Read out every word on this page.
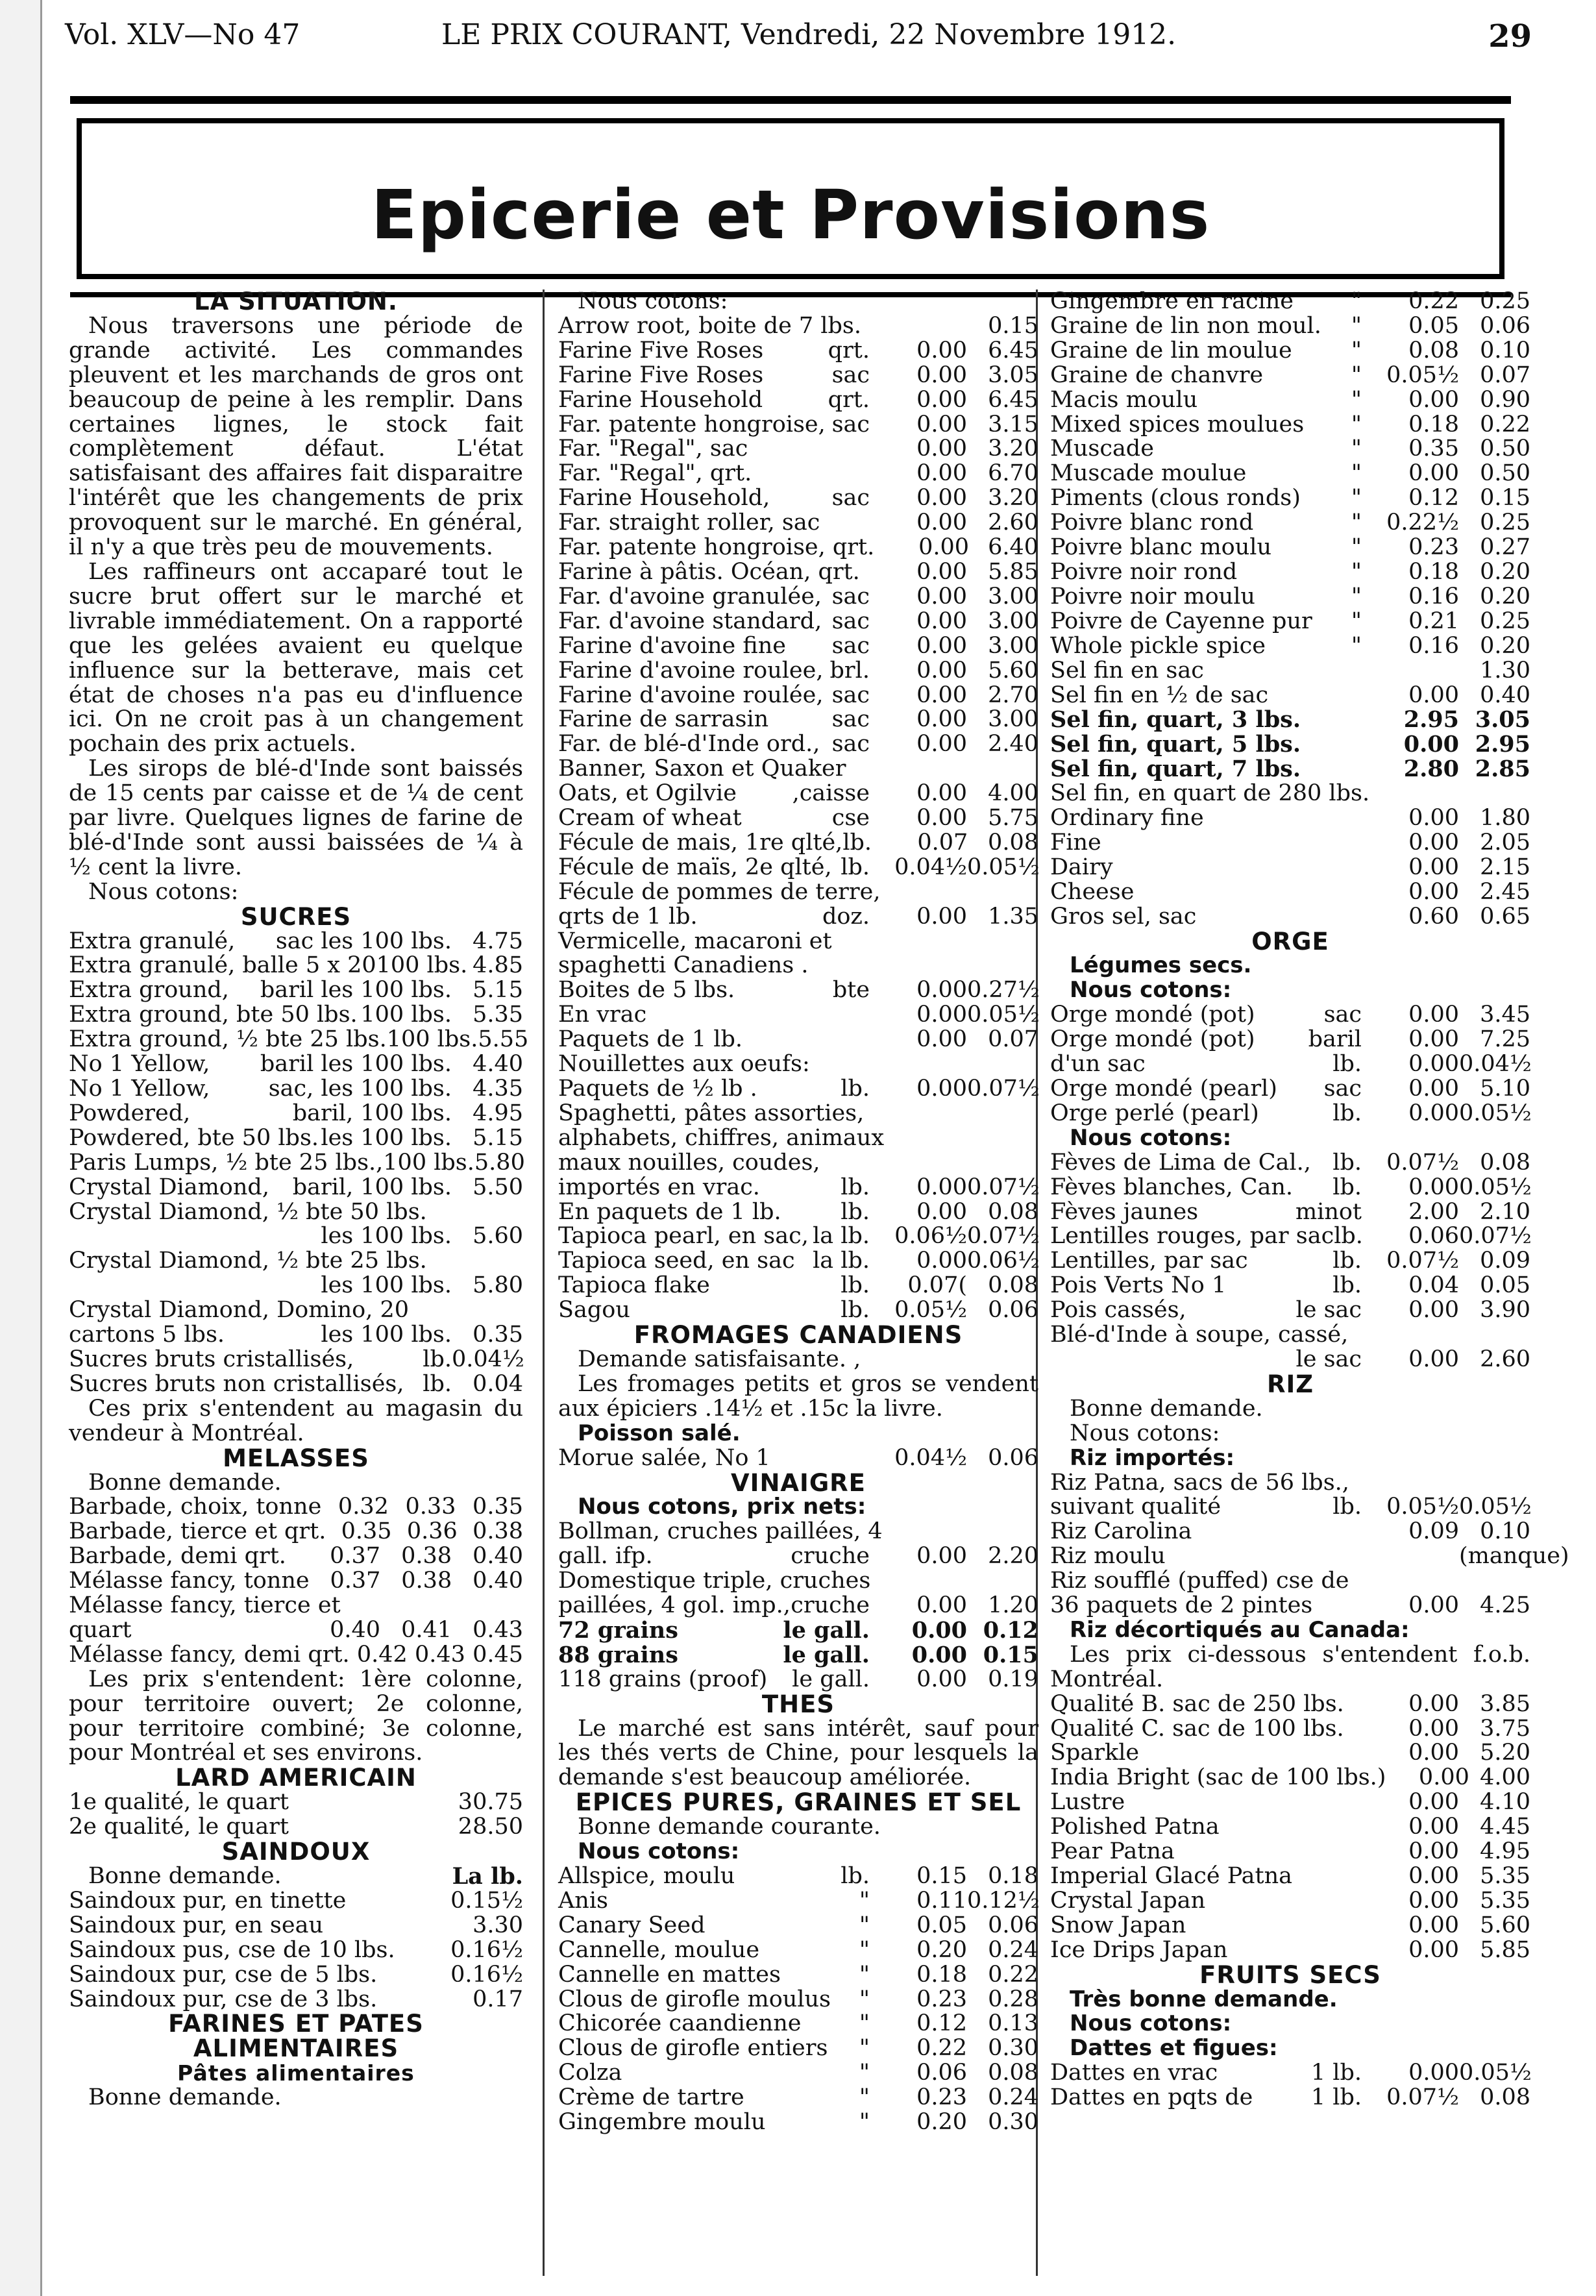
Vol. XLV—No 47	LE PRIX COURANT, Vendredi, 22 Novembre 1912.	29
Epicerie et Provisions
LA SITUATION.
Nous traversons une période de grande activité. Les commandes pleuvent et les marchands de gros ont beaucoup de peine à les remplir. Dans certaines lignes, le stock fait complètement défaut. L'état satisfaisant des affaires fait disparaitre l'intérêt que les changements de prix provoquent sur le marché. En général, il n'y a que très peu de mouvements.
Les raffineurs ont accaparé tout le sucre brut offert sur le marché et livrable immédiatement. On a rapporté que les gelées avaient eu quelque influence sur la betterave, mais cet état de choses n'a pas eu d'influence ici. On ne croit pas à un changement pochain des prix actuels.
Les sirops de blé-d'Inde sont baissés de 15 cents par caisse et de ¼ de cent par livre. Quelques lignes de farine de blé-d'Inde sont aussi baissées de ¼ à ½ cent la livre.
Nous cotons:
SUCRES
Extra granulé,	sac les 100 lbs. 4.75
Extra granulé, balle 5 x 20 100 lbs. 4.85
Extra ground,	baril les 100 lbs. 5.15
Extra ground, bte 50 lbs. 100 lbs. 5.35
Extra ground, ½ bte 25 lbs. 100 lbs. 5.55
No 1 Yellow,	baril les 100 lbs. 4.40
No 1 Yellow,	sac, les 100 lbs. 4.35
Powdered,	baril, 100 lbs. 4.95
Powdered, bte 50 lbs. les 100 lbs. 5.15
Paris Lumps, ½ bte 25 lbs., 100 lbs. 5.80
Crystal Diamond,	baril, 100 lbs. 5.50
Crystal Diamond, ½ bte 50 lbs.
les 100 lbs. 5.60
Crystal Diamond, ½ bte 25 lbs.
les 100 lbs. 5.80
Crystal Diamond, Domino, 20
cartons 5 lbs.	les 100 lbs. 0.35
Sucres bruts cristallisés,	lb. 0.04½
Sucres bruts non cristallisés, lb. 0.04
Ces prix s'entendent au magasin du vendeur à Montréal.
MELASSES
Bonne demande.
Barbade, choix, tonne 0.32 0.33 0.35
Barbade, tierce et qrt. 0.35 0.36 0.38
Barbade, demi qrt.	0.37 0.38 0.40
Mélasse fancy, tonne 0.37 0.38 0.40
Mélasse fancy, tierce et
quart	0.40 0.41 0.43
Mélasse fancy, demi qrt. 0.42 0.43 0.45
Les prix s'entendent: 1ère colonne, pour territoire ouvert; 2e colonne, pour territoire combiné; 3e colonne, pour Montréal et ses environs.
LARD AMERICAIN
1e qualité, le quart	30.75
2e qualité, le quart	28.50
SAINDOUX
Bonne demande.	La lb.
Saindoux pur, en tinette	0.15½
Saindoux pur, en seau	3.30
Saindoux pus, cse de 10 lbs.	0.16½
Saindoux pur, cse de 5 lbs.	0.16½
Saindoux pur, cse de 3 lbs.	0.17
FARINES ET PATES ALIMENTAIRES
Pâtes alimentaires
Bonne demande.
Nous cotons:
Arrow root, boite de 7 lbs.	0.15
Farine Five Roses	qrt.	0.00 6.45
Farine Five Roses	sac	0.00 3.05
Farine Household	qrt.	0.00 6.45
Far. patente hongroise, sac	0.00 3.15
Far. "Regal", sac	0.00 3.20
Far. "Regal", qrt.	0.00 6.70
Farine Household,	sac	0.00 3.20
Far. straight roller, sac	0.00 2.60
Far. patente hongroise, qrt.	0.00 6.40
Farine à pâtis. Océan, qrt.	0.00 5.85
Far. d'avoine granulée, sac	0.00 3.00
Far. d'avoine standard, sac	0.00 3.00
Farine d'avoine fine	sac	0.00 3.00
Farine d'avoine roulee, brl.	0.00 5.60
Farine d'avoine roulée, sac	0.00 2.70
Farine de sarrasin	sac	0.00 3.00
Far. de blé-d'Inde ord., sac	0.00 2.40
Banner, Saxon et Quaker
Oats, et Ogilvie	,caisse	0.00 4.00
Cream of wheat	cse	0.00 5.75
Fécule de mais, 1re qlté, lb.	0.07 0.08
Fécule de maïs, 2e qlté, lb.	0.04½ 0.05½
Fécule de pommes de terre,
qrts de 1 lb.	doz.	0.00 1.35
Vermicelle, macaroni et
spaghetti Canadiens .
Boites de 5 lbs.	bte	0.00 0.27½
En vrac	0.00 0.05½
Paquets de 1 lb.	0.00 0.07
Nouillettes aux oeufs:
Paquets de ½ lb .	lb.	0.00 0.07½
Spaghetti, pâtes assorties,
alphabets, chiffres, animaux
maux nouilles, coudes,
importés en vrac.	lb.	0.00 0.07½
En paquets de 1 lb.	lb.	0.00 0.08
Tapioca pearl, en sac, la lb.	0.06½ 0.07½
Tapioca seed, en sac la lb.	0.00 0.06½
Tapioca flake	lb.	0.07( 0.08
Sagou	lb.	0.05½ 0.06
FROMAGES CANADIENS
Demande satisfaisante. ,
Les fromages petits et gros se vendent aux épiciers .14½ et .15c la livre.
Poisson salé.
Morue salée, No 1	0.04½ 0.06
VINAIGRE
Nous cotons, prix nets:
Bollman, cruches paillées, 4
gall. ifp.	cruche	0.00 2.20
Domestique triple, cruches
paillées, 4 gol. imp., cruche	0.00 1.20
72 grains	le gall.	0.00 0.12
88 grains	le gall.	0.00 0.15
118 grains (proof)	le gall.	0.00 0.19
THES
Le marché est sans intérêt, sauf pour les thés verts de Chine, pour lesquels la demande s'est beaucoup améliorée.
EPICES PURES, GRAINES ET SEL
Bonne demande courante.
Nous cotons:
Allspice, moulu	lb.	0.15 0.18
Anis	"	0.11 0.12½
Canary Seed	"	0.05 0.06
Cannelle, moulue	"	0.20 0.24
Cannelle en mattes	"	0.18 0.22
Clous de girofle moulus	"	0.23 0.28
Chicorée caandienne	"	0.12 0.13
Clous de girofle entiers	"	0.22 0.30
Colza	"	0.06 0.08
Crème de tartre	"	0.23 0.24
Gingembre moulu	"	0.20 0.30
Gingembre en racine	"	0.22 0.25
Graine de lin non moul.	"	0.05 0.06
Graine de lin moulue	"	0.08 0.10
Graine de chanvre	"	0.05½ 0.07
Macis moulu	"	0.00 0.90
Mixed spices moulues	"	0.18 0.22
Muscade	"	0.35 0.50
Muscade moulue	"	0.00 0.50
Piments (clous ronds)	"	0.12 0.15
Poivre blanc rond	"	0.22½ 0.25
Poivre blanc moulu	"	0.23 0.27
Poivre noir rond	"	0.18 0.20
Poivre noir moulu	"	0.16 0.20
Poivre de Cayenne pur	"	0.21 0.25
Whole pickle spice	"	0.16 0.20
Sel fin en sac	1.30
Sel fin en ½ de sac	0.00 0.40
Sel fin, quart, 3 lbs.	2.95 3.05
Sel fin, quart, 5 lbs.	0.00 2.95
Sel fin, quart, 7 lbs.	2.80 2.85
Sel fin, en quart de 280 lbs.
Ordinary fine	0.00 1.80
Fine	0.00 2.05
Dairy	0.00 2.15
Cheese	0.00 2.45
Gros sel, sac	0.60 0.65
ORGE
Légumes secs.
Nous cotons:
Orge mondé (pot)	sac	0.00 3.45
Orge mondé (pot)	baril	0.00 7.25
d'un sac	lb.	0.00 0.04½
Orge mondé (pearl)	sac	0.00 5.10
Orge perlé (pearl)	lb.	0.00 0.05½
Nous cotons:
Fèves de Lima de Cal., lb.	0.07½ 0.08
Fèves blanches, Can.	lb.	0.00 0.05½
Fèves jaunes	minot	2.00 2.10
Lentilles rouges, par sac lb.	0.06 0.07½
Lentilles, par sac	lb.	0.07½ 0.09
Pois Verts No 1	lb.	0.04 0.05
Pois cassés,	le sac	0.00 3.90
Blé-d'Inde à soupe, cassé,
le sac	0.00 2.60
RIZ
Bonne demande.
Nous cotons:
Riz importés:
Riz Patna, sacs de 56 lbs.,
suivant qualité	lb.	0.05½ 0.05½
Riz Carolina	0.09 0.10
Riz moulu	(manque)
Riz soufflé (puffed) cse de
36 paquets de 2 pintes	0.00 4.25
Riz décortiqués au Canada:
Les prix ci-dessous s'entendent f.o.b. Montréal.
Qualité B. sac de 250 lbs.	0.00 3.85
Qualité C. sac de 100 lbs.	0.00 3.75
Sparkle	0.00 5.20
India Bright (sac de 100 lbs.)	0.00 4.00
Lustre	0.00 4.10
Polished Patna	0.00 4.45
Pear Patna	0.00 4.95
Imperial Glacé Patna	0.00 5.35
Crystal Japan	0.00 5.35
Snow Japan	0.00 5.60
Ice Drips Japan	0.00 5.85
FRUITS SECS
Très bonne demande.
Nous cotons:
Dattes et figues:
Dattes en vrac	1 lb.	0.00 0.05½
Dattes en pqts de	1 lb.	0.07½ 0.08
